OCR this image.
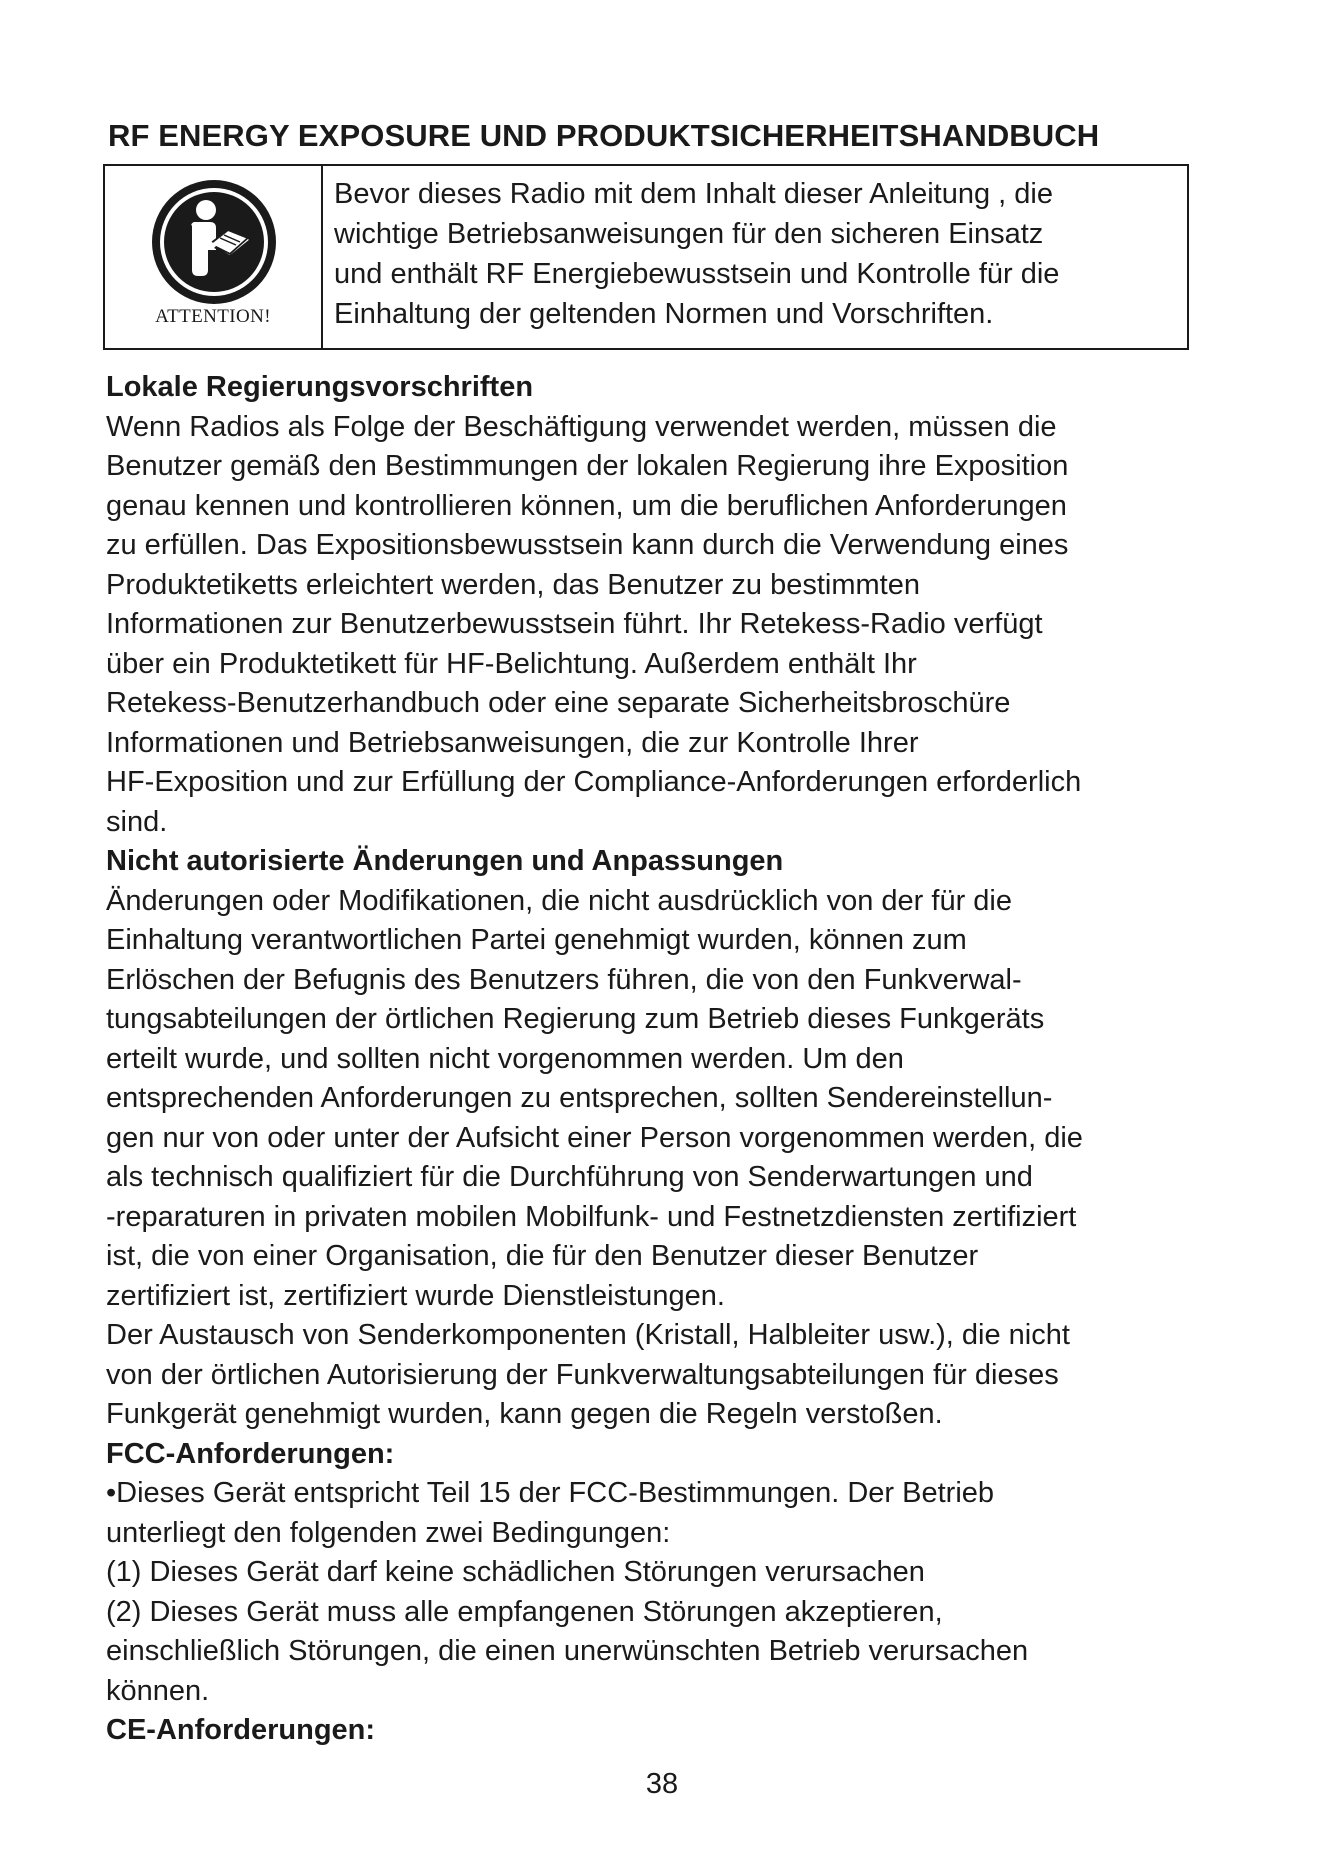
RF ENERGY EXPOSURE UND PRODUKTSICHERHEITSHANDBUCH
ATTENTION!
Bevor dieses Radio mit dem Inhalt dieser Anleitung , die
wichtige Betriebsanweisungen für den sicheren Einsatz
und enthält RF Energiebewusstsein und Kontrolle für die
Einhaltung der geltenden Normen und Vorschriften.
Lokale Regierungsvorschriften
Wenn Radios als Folge der Beschäftigung verwendet werden, müssen die
Benutzer gemäß den Bestimmungen der lokalen Regierung ihre Exposition
genau kennen und kontrollieren können, um die beruflichen Anforderungen
zu erfüllen. Das Expositionsbewusstsein kann durch die Verwendung eines
Produktetiketts erleichtert werden, das Benutzer zu bestimmten
Informationen zur Benutzerbewusstsein führt. Ihr Retekess-Radio verfügt
über ein Produktetikett für HF-Belichtung. Außerdem enthält Ihr
Retekess-Benutzerhandbuch oder eine separate Sicherheitsbroschüre
Informationen und Betriebsanweisungen, die zur Kontrolle Ihrer
HF-Exposition und zur Erfüllung der Compliance-Anforderungen erforderlich
sind.
Nicht autorisierte Änderungen und Anpassungen
Änderungen oder Modifikationen, die nicht ausdrücklich von der für die
Einhaltung verantwortlichen Partei genehmigt wurden, können zum
Erlöschen der Befugnis des Benutzers führen, die von den Funkverwal-
tungsabteilungen der örtlichen Regierung zum Betrieb dieses Funkgeräts
erteilt wurde, und sollten nicht vorgenommen werden. Um den
entsprechenden Anforderungen zu entsprechen, sollten Sendereinstellun-
gen nur von oder unter der Aufsicht einer Person vorgenommen werden, die
als technisch qualifiziert für die Durchführung von Senderwartungen und
-reparaturen in privaten mobilen Mobilfunk- und Festnetzdiensten zertifiziert
ist, die von einer Organisation, die für den Benutzer dieser Benutzer
zertifiziert ist, zertifiziert wurde Dienstleistungen.
Der Austausch von Senderkomponenten (Kristall, Halbleiter usw.), die nicht
von der örtlichen Autorisierung der Funkverwaltungsabteilungen für dieses
Funkgerät genehmigt wurden, kann gegen die Regeln verstoßen.
FCC-Anforderungen:
•Dieses Gerät entspricht Teil 15 der FCC-Bestimmungen. Der Betrieb
unterliegt den folgenden zwei Bedingungen:
(1) Dieses Gerät darf keine schädlichen Störungen verursachen
(2) Dieses Gerät muss alle empfangenen Störungen akzeptieren,
einschließlich Störungen, die einen unerwünschten Betrieb verursachen
können.
CE-Anforderungen:
38
